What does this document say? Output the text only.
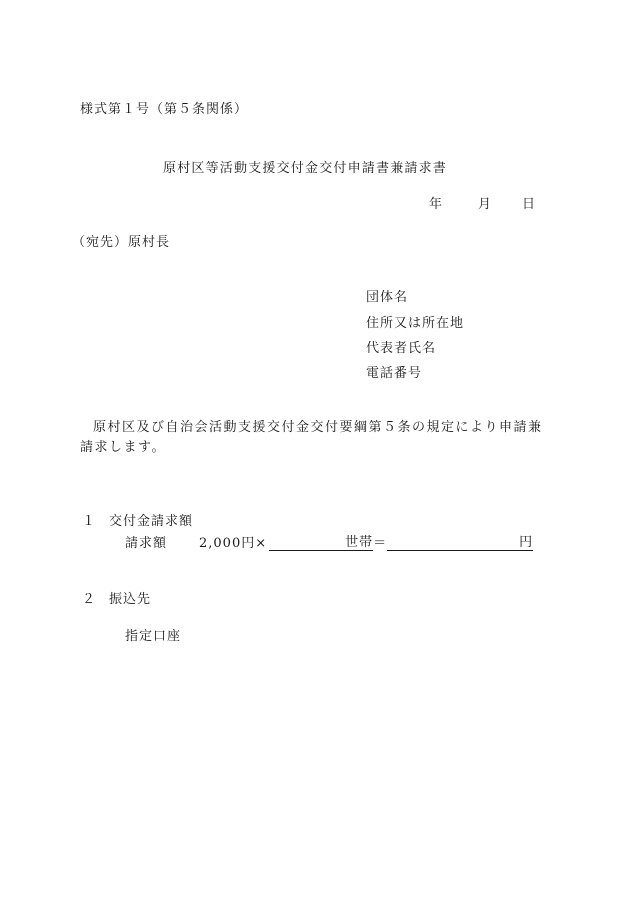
様式第１号（第５条関係）
原村区等活動支援交付金交付申請書兼請求書
年	月 日
（宛先）原村長
団体名
住所又は所在地
代表者氏名
電話番号
原村区及び自治会活動支援交付金交付要綱第５条の規定により申請兼請求します。
１ 交付金請求額
請求額 2,000円×	世帯＝	円
２ 振込先
指定口座
